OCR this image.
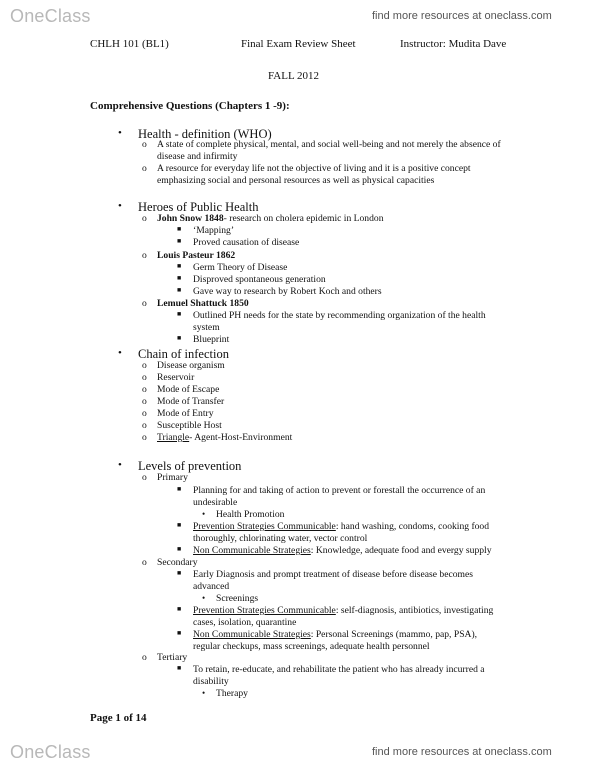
OneClass	find more resources at oneclass.com
CHLH 101 (BL1)	Final Exam Review Sheet	Instructor: Mudita Dave
FALL 2012
Comprehensive Questions (Chapters 1 -9):
• Health - definition (WHO)
o A state of complete physical, mental, and social well-being and not merely the absence of disease and infirmity
o A resource for everyday life not the objective of living and it is a positive concept emphasizing social and personal resources as well as physical capacities
• Heroes of Public Health
o John Snow 1848- research on cholera epidemic in London
■ ‘Mapping’
■ Proved causation of disease
o Louis Pasteur 1862
■ Germ Theory of Disease
■ Disproved spontaneous generation
■ Gave way to research by Robert Koch and others
o Lemuel Shattuck 1850
■ Outlined PH needs for the state by recommending organization of the health system
■ Blueprint
• Chain of infection
o Disease organism
o Reservoir
o Mode of Escape
o Mode of Transfer
o Mode of Entry
o Susceptible Host
o Triangle- Agent-Host-Environment
• Levels of prevention
o Primary
■ Planning for and taking of action to prevent or forestall the occurrence of an undesirable
• Health Promotion
■ Prevention Strategies Communicable: hand washing, condoms, cooking food thoroughly, chlorinating water, vector control
■ Non Communicable Strategies: Knowledge, adequate food and evergy supply
o Secondary
■ Early Diagnosis and prompt treatment of disease before disease becomes advanced
• Screenings
■ Prevention Strategies Communicable: self-diagnosis, antibiotics, investigating cases, isolation, quarantine
■ Non Communicable Strategies: Personal Screenings (mammo, pap, PSA), regular checkups, mass screenings, adequate health personnel
o Tertiary
■ To retain, re-educate, and rehabilitate the patient who has already incurred a disability
• Therapy
Page 1 of 14
OneClass	find more resources at oneclass.com
